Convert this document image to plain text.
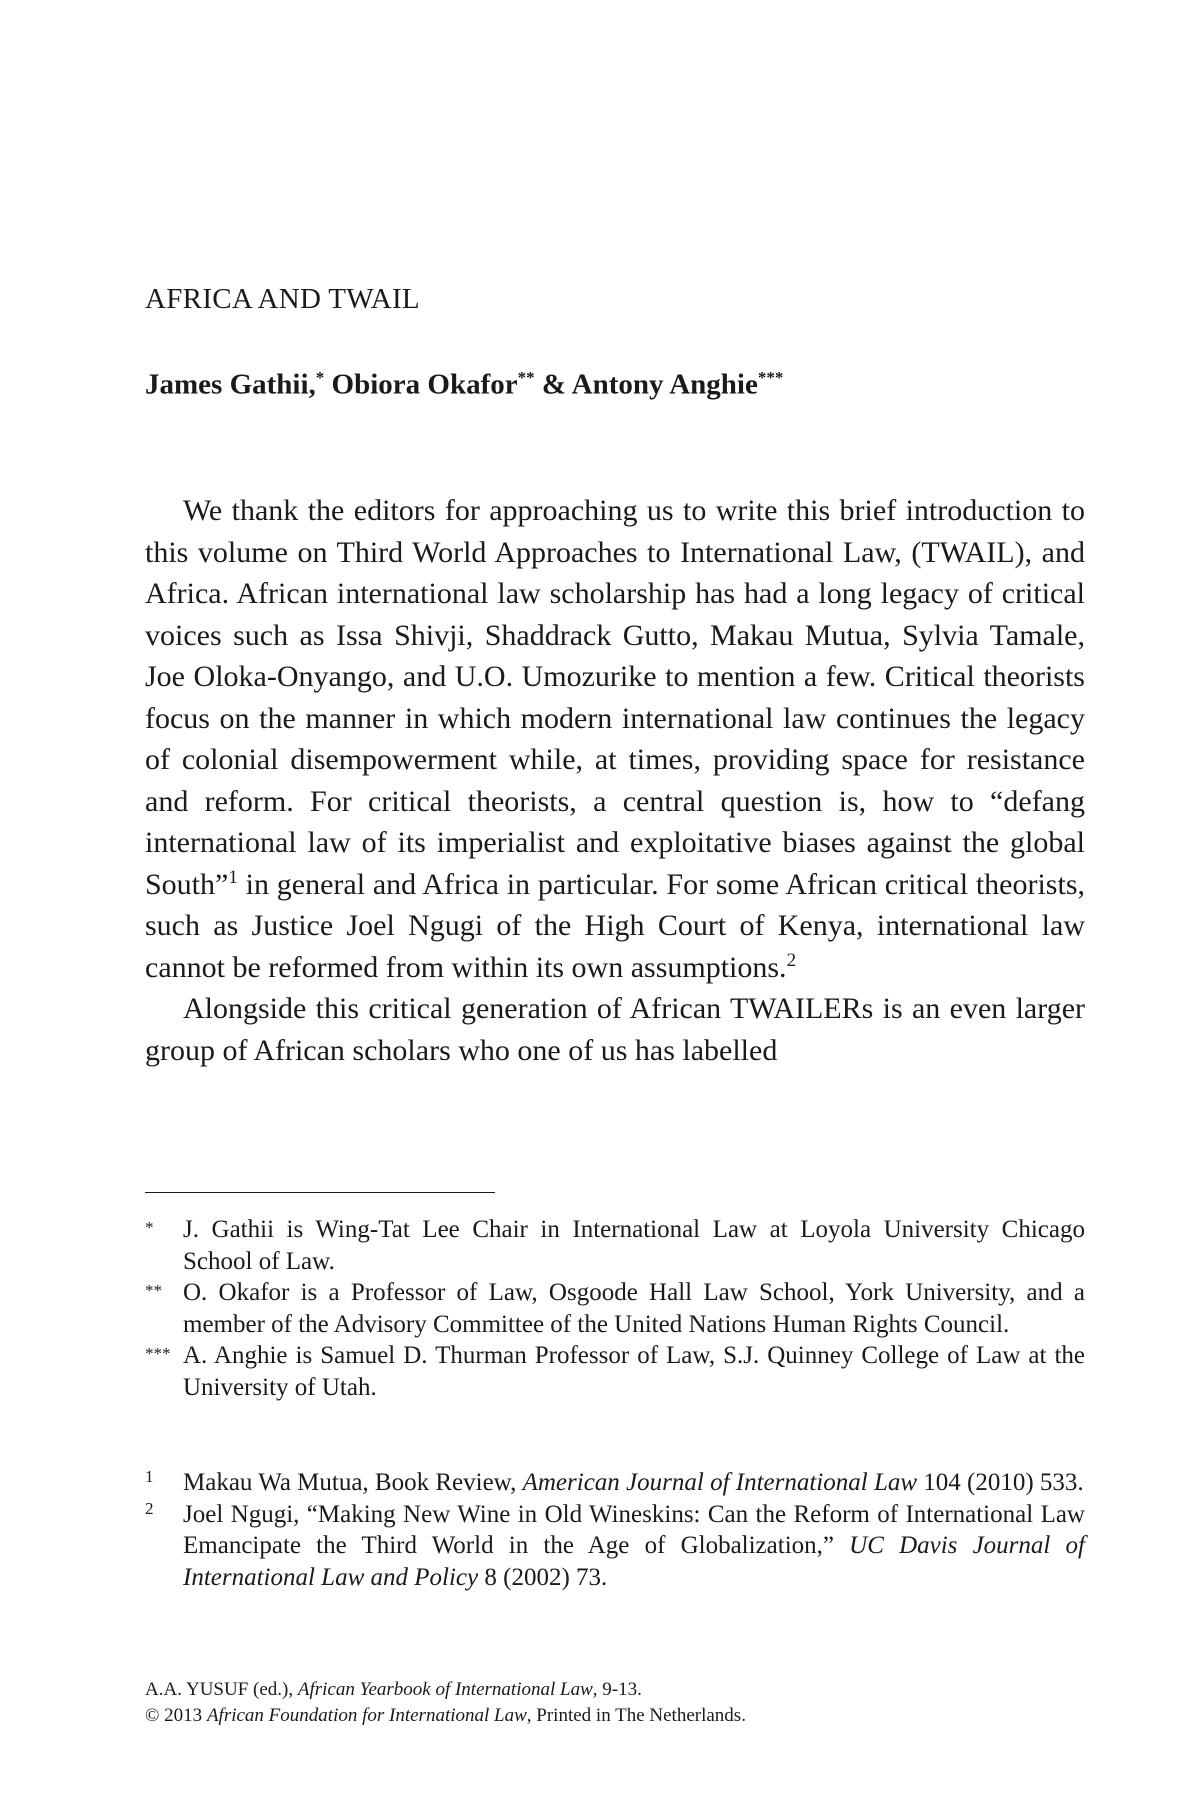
AFRICA AND TWAIL
James Gathii,* Obiora Okafor** & Antony Anghie***

We thank the editors for approaching us to write this brief introduction to this volume on Third World Approaches to International Law, (TWAIL), and Africa. African international law scholarship has had a long legacy of critical voices such as Issa Shivji, Shaddrack Gutto, Makau Mutua, Sylvia Tamale, Joe Oloka-Onyango, and U.O. Umozurike to mention a few. Critical theorists focus on the manner in which modern international law continues the legacy of colonial disempowerment while, at times, providing space for resistance and reform. For critical theorists, a central question is, how to “defang international law of its imperialist and exploitative biases against the global South”$^1$ in general and Africa in particular. For some African critical theorists, such as Justice Joel Ngugi of the High Court of Kenya, international law cannot be reformed from within its own assumptions.$^2$

Alongside this critical generation of African TWAILERs is an even larger group of African scholars who one of us has labelled

* J. Gathii is Wing-Tat Lee Chair in International Law at Loyola University Chicago School of Law.
** O. Okafor is a Professor of Law, Osgoode Hall Law School, York University, and a member of the Advisory Committee of the United Nations Human Rights Council.
*** A. Anghie is Samuel D. Thurman Professor of Law, S.J. Quinney College of Law at the University of Utah.
1 Makau Wa Mutua, Book Review, American Journal of International Law 104 (2010) 533.
2 Joel Ngugi, “Making New Wine in Old Wineskins: Can the Reform of International Law Emancipate the Third World in the Age of Globalization,” UC Davis Journal of International Law and Policy 8 (2002) 73.

A.A. YUSUF (ed.), African Yearbook of International Law, 9-13.

© 2013 African Foundation for International Law, Printed in The Netherlands.
